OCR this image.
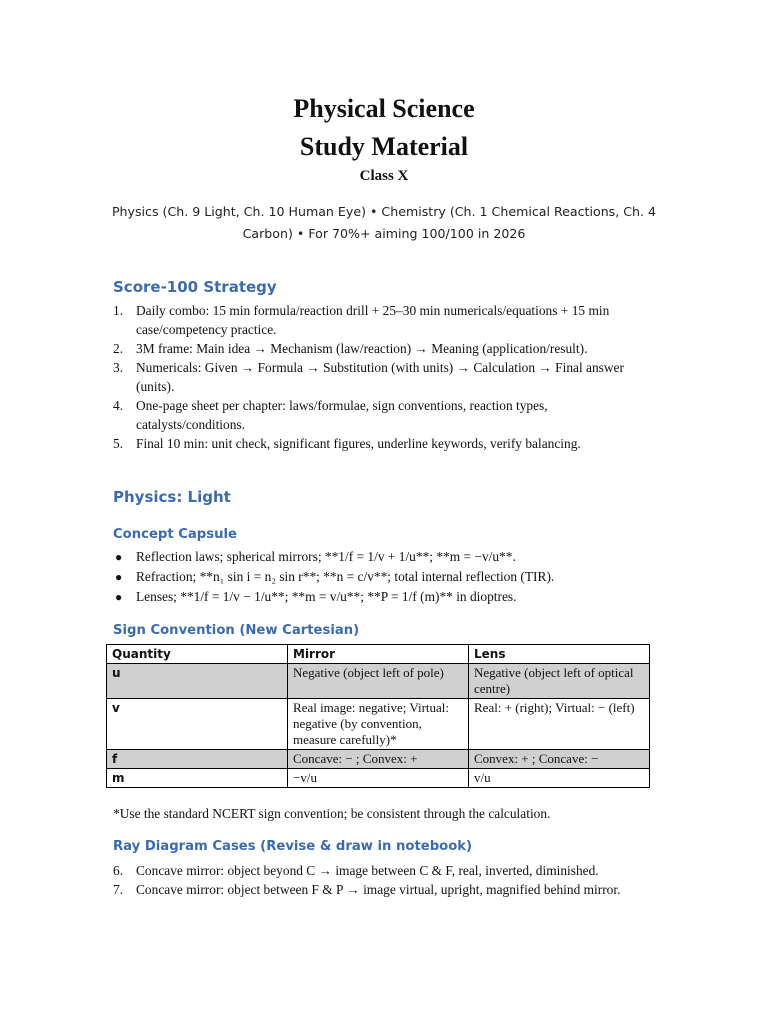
Physical Science
Study Material
Class X
Physics (Ch. 9 Light, Ch. 10 Human Eye) • Chemistry (Ch. 1 Chemical Reactions, Ch. 4 Carbon) • For 70%+ aiming 100/100 in 2026
Score-100 Strategy
1. Daily combo: 15 min formula/reaction drill + 25–30 min numericals/equations + 15 min case/competency practice.
2. 3M frame: Main idea → Mechanism (law/reaction) → Meaning (application/result).
3. Numericals: Given → Formula → Substitution (with units) → Calculation → Final answer (units).
4. One-page sheet per chapter: laws/formulae, sign conventions, reaction types, catalysts/conditions.
5. Final 10 min: unit check, significant figures, underline keywords, verify balancing.
Physics: Light
Concept Capsule
● Reflection laws; spherical mirrors; **1/f = 1/v + 1/u**; **m = −v/u**.
● Refraction; **n₁ sin i = n₂ sin r**; **n = c/v**; total internal reflection (TIR).
● Lenses; **1/f = 1/v − 1/u**; **m = v/u**; **P = 1/f (m)** in dioptres.
Sign Convention (New Cartesian)
Quantity	Mirror	Lens
u	Negative (object left of pole)	Negative (object left of optical centre)
v	Real image: negative; Virtual: negative (by convention, measure carefully)*	Real: + (right); Virtual: − (left)
f	Concave: − ; Convex: +	Convex: + ; Concave: −
m	−v/u	v/u
*Use the standard NCERT sign convention; be consistent through the calculation.
Ray Diagram Cases (Revise & draw in notebook)
6. Concave mirror: object beyond C → image between C & F, real, inverted, diminished.
7. Concave mirror: object between F & P → image virtual, upright, magnified behind mirror.
